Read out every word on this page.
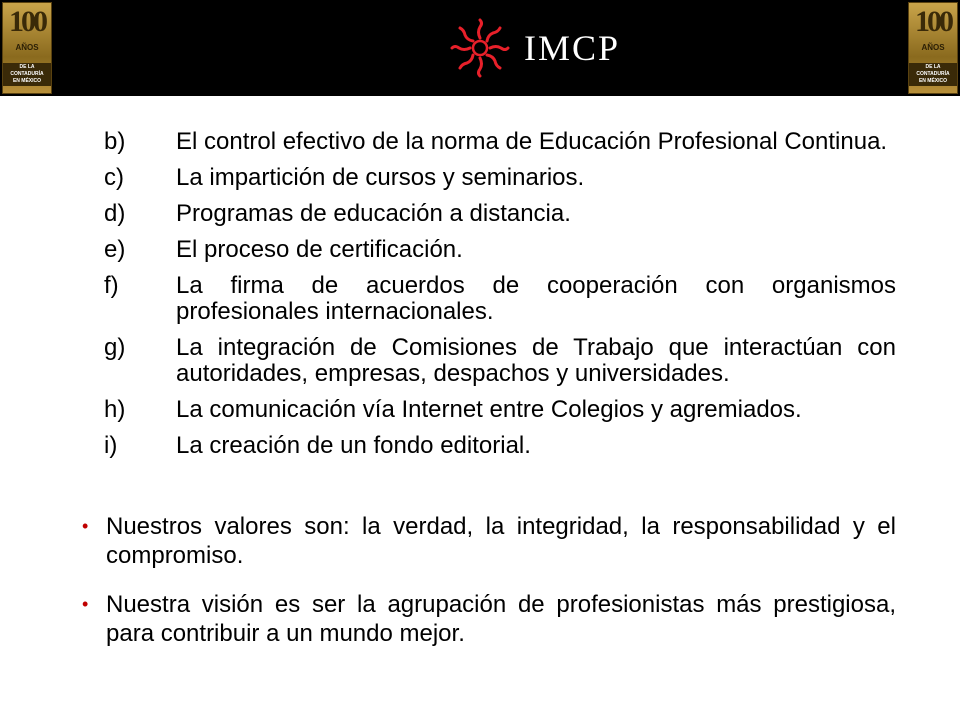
100
AÑOS
DE LA CONTADURÍA
EN MÉXICO
IMCP
100
AÑOS
DE LA CONTADURÍA
EN MÉXICO
b)	El control efectivo de la norma de Educación Profesional Continua.
c)	La impartición de cursos y seminarios.
d)	Programas de educación a distancia.
e)	El proceso de certificación.
f)	La firma de acuerdos de cooperación con organismos profesionales internacionales.
g)	La integración de Comisiones de Trabajo que interactúan con autoridades, empresas, despachos y universidades.
h)	La comunicación vía Internet entre Colegios y agremiados.
i)	La creación de un fondo editorial.
• Nuestros valores son: la verdad, la integridad, la responsabilidad y el compromiso.
• Nuestra visión es ser la agrupación de profesionistas más prestigiosa, para contribuir a un mundo mejor.
